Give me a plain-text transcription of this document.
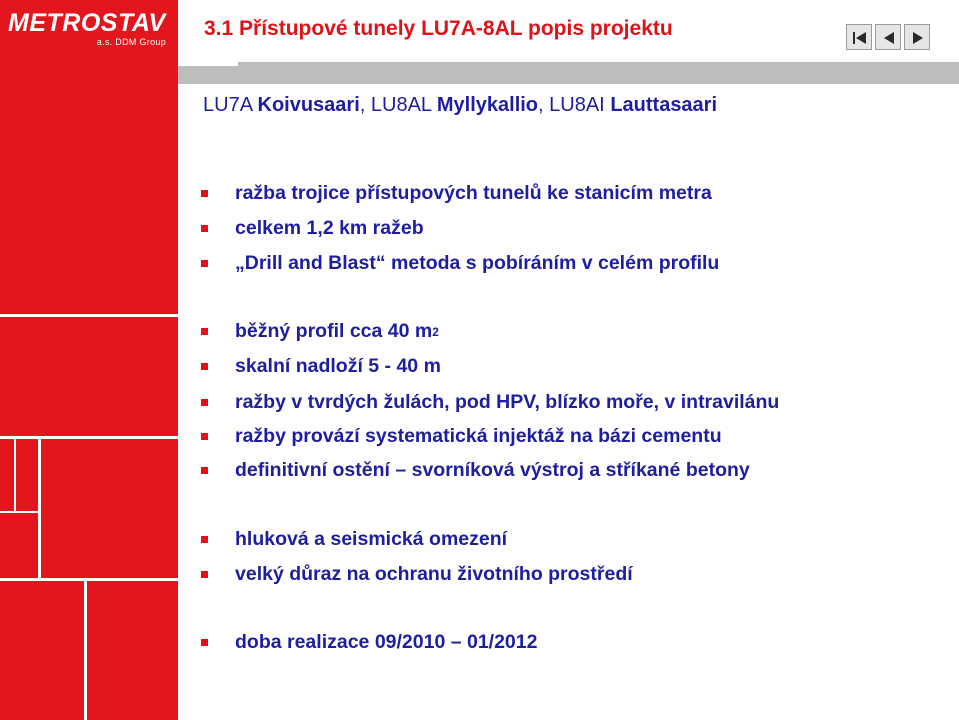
METROSTAV
a.s. DDM Group
3.1 Přístupové tunely LU7A-8AL popis projektu
LU7A Koivusaari, LU8AL Myllykallio, LU8AI Lauttasaari
ražba trojice přístupových tunelů ke stanicím metra
celkem 1,2 km ražeb
„Drill and Blast“ metoda s pobíráním v celém profilu
běžný profil cca 40 m 2
skalní nadloží 5 - 40 m
ražby v tvrdých žulách, pod HPV, blízko moře, v intravilánu
ražby provází systematická injektáž na bázi cementu
definitivní ostění – svorníková výstroj a stříkané betony
hluková a seismická omezení
velký důraz na ochranu životního prostředí
doba realizace 09/2010 – 01/2012
